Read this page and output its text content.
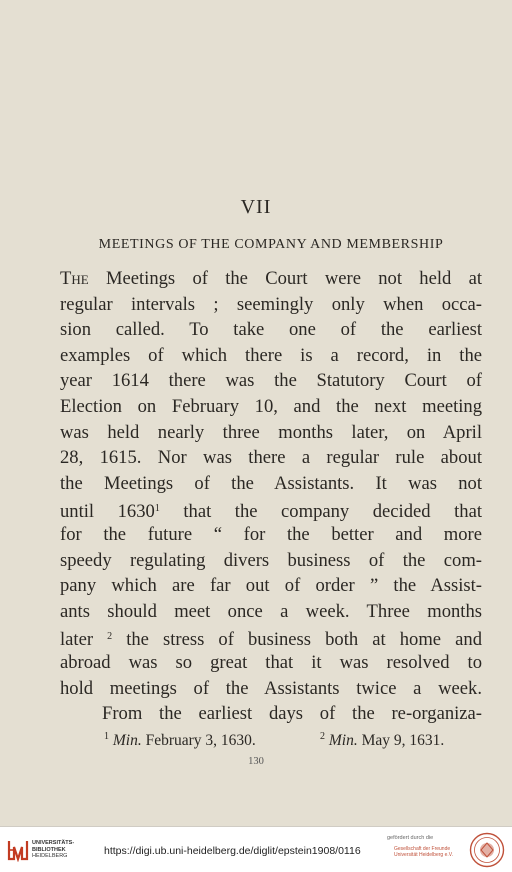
VII
MEETINGS OF THE COMPANY AND MEMBERSHIP
The Meetings of the Court were not held at
regular intervals ; seemingly only when occa-
sion called. To take one of the earliest
examples of which there is a record, in the
year 1614 there was the Statutory Court of
Election on February 10, and the next meeting
was held nearly three months later, on April
28, 1615. Nor was there a regular rule about
the Meetings of the Assistants. It was not
until 1630$^1$ that the company decided that
for the future “ for the better and more
speedy regulating divers business of the com-
pany which are far out of order ” the Assist-
ants should meet once a week. Three months
later $^2$ the stress of business both at home and
abroad was so great that it was resolved to
hold meetings of the Assistants twice a week.
From the earliest days of the re-organiza-
$^1$ Min. February 3, 1630.	$^2$ Min. May 9, 1631.
130
UNIVERSITÄTS-
BIBLIOTHEK
HEIDELBERG	https://digi.ub.uni-heidelberg.de/diglit/epstein1908/0116
gefördert durch die
Gesellschaft der Freunde
Universität Heidelberg e.V.
